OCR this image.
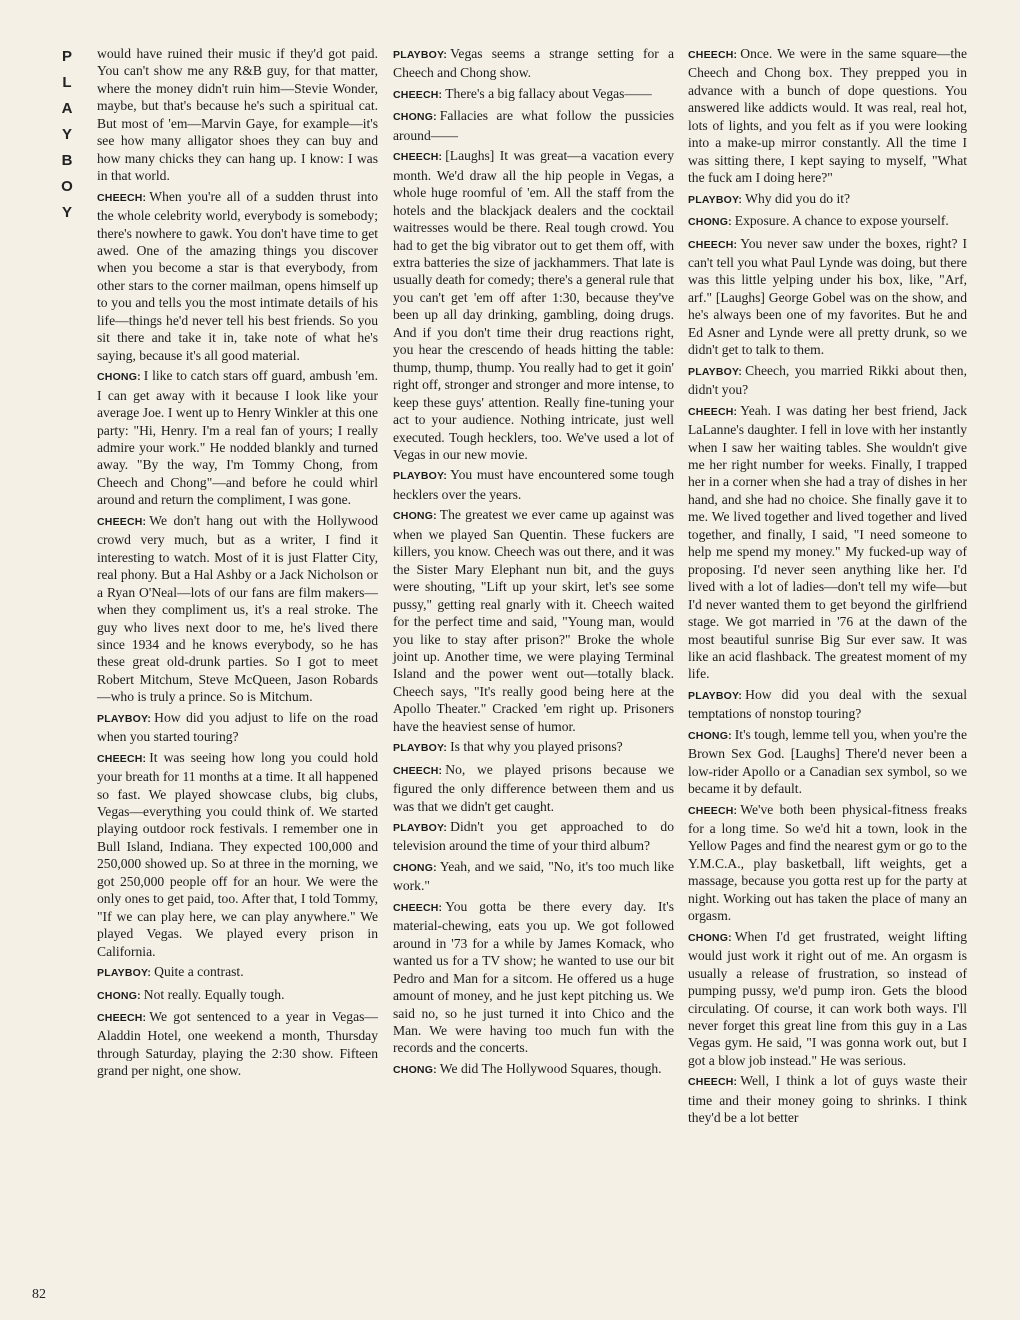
P
L
A
Y
B
O
Y

would have ruined their music if they'd got paid. You can't show me any R&B guy, for that matter, where the money didn't ruin him—Stevie Wonder, maybe, but that's because he's such a spiritual cat. But most of 'em—Marvin Gaye, for example—it's see how many alligator shoes they can buy and how many chicks they can hang up. I know: I was in that world.

CHEECH: When you're all of a sudden thrust into the whole celebrity world, everybody is somebody; there's nowhere to gawk. You don't have time to get awed. One of the amazing things you discover when you become a star is that everybody, from other stars to the corner mailman, opens himself up to you and tells you the most intimate details of his life—things he'd never tell his best friends. So you sit there and take it in, take note of what he's saying, because it's all good material.

CHONG: I like to catch stars off guard, ambush 'em. I can get away with it because I look like your average Joe. I went up to Henry Winkler at this one party: "Hi, Henry. I'm a real fan of yours; I really admire your work." He nodded blankly and turned away. "By the way, I'm Tommy Chong, from Cheech and Chong"—and before he could whirl around and return the compliment, I was gone.

CHEECH: We don't hang out with the Hollywood crowd very much, but as a writer, I find it interesting to watch. Most of it is just Flatter City, real phony. But a Hal Ashby or a Jack Nicholson or a Ryan O'Neal—lots of our fans are film makers—when they compliment us, it's a real stroke. The guy who lives next door to me, he's lived there since 1934 and he knows everybody, so he has these great old-drunk parties. So I got to meet Robert Mitchum, Steve McQueen, Jason Robards—who is truly a prince. So is Mitchum.

PLAYBOY: How did you adjust to life on the road when you started touring?

CHEECH: It was seeing how long you could hold your breath for 11 months at a time. It all happened so fast. We played showcase clubs, big clubs, Vegas—everything you could think of. We started playing outdoor rock festivals. I remember one in Bull Island, Indiana. They expected 100,000 and 250,000 showed up. So at three in the morning, we got 250,000 people off for an hour. We were the only ones to get paid, too. After that, I told Tommy, "If we can play here, we can play anywhere." We played Vegas. We played every prison in California.

PLAYBOY: Quite a contrast.

CHONG: Not really. Equally tough.

CHEECH: We got sentenced to a year in Vegas—Aladdin Hotel, one weekend a month, Thursday through Saturday, playing the 2:30 show. Fifteen grand per night, one show.

PLAYBOY: Vegas seems a strange setting for a Cheech and Chong show.

CHEECH: There's a big fallacy about Vegas——

CHONG: Fallacies are what follow the pussicies around——

CHEECH: [Laughs] It was great—a vacation every month. We'd draw all the hip people in Vegas, a whole huge roomful of 'em. All the staff from the hotels and the blackjack dealers and the cocktail waitresses would be there. Real tough crowd. You had to get the big vibrator out to get them off, with extra batteries the size of jackhammers. That late is usually death for comedy; there's a general rule that you can't get 'em off after 1:30, because they've been up all day drinking, gambling, doing drugs. And if you don't time their drug reactions right, you hear the crescendo of heads hitting the table: thump, thump, thump. You really had to get it goin' right off, stronger and stronger and more intense, to keep these guys' attention. Really fine-tuning your act to your audience. Nothing intricate, just well executed. Tough hecklers, too. We've used a lot of Vegas in our new movie.

PLAYBOY: You must have encountered some tough hecklers over the years.

CHONG: The greatest we ever came up against was when we played San Quentin. These fuckers are killers, you know. Cheech was out there, and it was the Sister Mary Elephant nun bit, and the guys were shouting, "Lift up your skirt, let's see some pussy," getting real gnarly with it. Cheech waited for the perfect time and said, "Young man, would you like to stay after prison?" Broke the whole joint up. Another time, we were playing Terminal Island and the power went out—totally black. Cheech says, "It's really good being here at the Apollo Theater." Cracked 'em right up. Prisoners have the heaviest sense of humor.

PLAYBOY: Is that why you played prisons?

CHEECH: No, we played prisons because we figured the only difference between them and us was that we didn't get caught.

PLAYBOY: Didn't you get approached to do television around the time of your third album?

CHONG: Yeah, and we said, "No, it's too much like work."

CHEECH: You gotta be there every day. It's material-chewing, eats you up. We got followed around in '73 for a while by James Komack, who wanted us for a TV show; he wanted to use our bit Pedro and Man for a sitcom. He offered us a huge amount of money, and he just kept pitching us. We said no, so he just turned it into Chico and the Man. We were having too much fun with the records and the concerts.

CHONG: We did The Hollywood Squares, though.

CHEECH: Once. We were in the same square—the Cheech and Chong box. They prepped you in advance with a bunch of dope questions. You answered like addicts would. It was real, real hot, lots of lights, and you felt as if you were looking into a make-up mirror constantly. All the time I was sitting there, I kept saying to myself, "What the fuck am I doing here?"

PLAYBOY: Why did you do it?

CHONG: Exposure. A chance to expose yourself.

CHEECH: You never saw under the boxes, right? I can't tell you what Paul Lynde was doing, but there was this little yelping under his box, like, "Arf, arf." [Laughs] George Gobel was on the show, and he's always been one of my favorites. But he and Ed Asner and Lynde were all pretty drunk, so we didn't get to talk to them.

PLAYBOY: Cheech, you married Rikki about then, didn't you?

CHEECH: Yeah. I was dating her best friend, Jack LaLanne's daughter. I fell in love with her instantly when I saw her waiting tables. She wouldn't give me her right number for weeks. Finally, I trapped her in a corner when she had a tray of dishes in her hand, and she had no choice. She finally gave it to me. We lived together and lived together and lived together, and finally, I said, "I need someone to help me spend my money." My fucked-up way of proposing. I'd never seen anything like her. I'd lived with a lot of ladies—don't tell my wife—but I'd never wanted them to get beyond the girlfriend stage. We got married in '76 at the dawn of the most beautiful sunrise Big Sur ever saw. It was like an acid flashback. The greatest moment of my life.

PLAYBOY: How did you deal with the sexual temptations of nonstop touring?

CHONG: It's tough, lemme tell you, when you're the Brown Sex God. [Laughs] There'd never been a low-rider Apollo or a Canadian sex symbol, so we became it by default.

CHEECH: We've both been physical-fitness freaks for a long time. So we'd hit a town, look in the Yellow Pages and find the nearest gym or go to the Y.M.C.A., play basketball, lift weights, get a massage, because you gotta rest up for the party at night. Working out has taken the place of many an orgasm.

CHONG: When I'd get frustrated, weight lifting would just work it right out of me. An orgasm is usually a release of frustration, so instead of pumping pussy, we'd pump iron. Gets the blood circulating. Of course, it can work both ways. I'll never forget this great line from this guy in a Las Vegas gym. He said, "I was gonna work out, but I got a blow job instead." He was serious.

CHEECH: Well, I think a lot of guys waste their time and their money going to shrinks. I think they'd be a lot better

82
